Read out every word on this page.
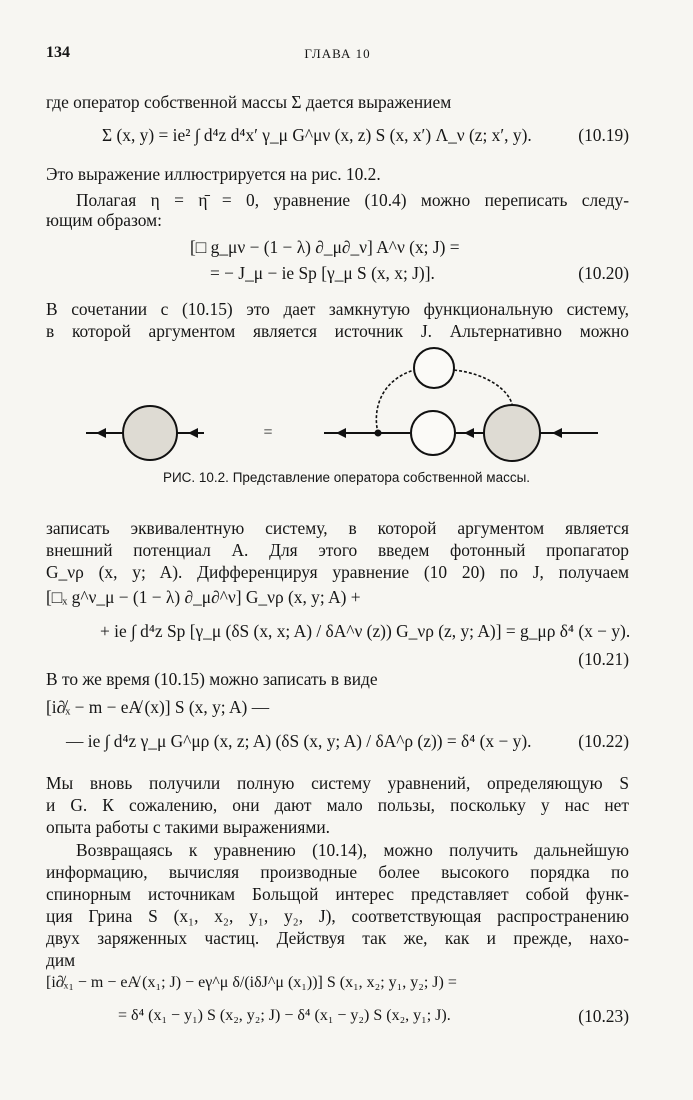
134	ГЛАВА 10
где оператор собственной массы Σ дается выражением
Σ (x, y) = ie² ∫ d⁴z d⁴x′ γ_μ G^μν (x, z) S (x, x′) Λ_ν (z; x′, y).	(10.19)
Это выражение иллюстрируется на рис. 10.2.
Полагая η = η̄ = 0, уравнение (10.4) можно переписать следу-
ющим образом:
[□ g_μν − (1 − λ) ∂_μ∂_ν] A^ν (x; J) =
= − J_μ − ie Sp [γ_μ S (x, x; J)].	(10.20)
В сочетании с (10.15) это дает замкнутую функциональную систему,
в которой аргументом является источник J. Альтернативно можно
=
РИС. 10.2. Представление оператора собственной массы.
записать эквивалентную систему, в которой аргументом является
внешний потенциал A. Для этого введем фотонный пропагатор
G_νρ (x, y; A). Дифференцируя уравнение (10 20) по J, получаем
[□ₓ g^ν_μ − (1 − λ) ∂_μ∂^ν] G_νρ (x, y; A) +
+ ie ∫ d⁴z Sp [γ_μ (δS (x, x; A) / δA^ν (z)) G_νρ (z, y; A)] = g_μρ δ⁴ (x − y).
(10.21)
В то же время (10.15) можно записать в виде
[i∂̸ₓ − m − eA̸ (x)] S (x, y; A) —
— ie ∫ d⁴z γ_μ G^μρ (x, z; A) (δS (x, y; A) / δA^ρ (z)) = δ⁴ (x − y).	(10.22)
Мы вновь получили полную систему уравнений, определяющую S
и G. К сожалению, они дают мало пользы, поскольку у нас нет
опыта работы с такими выражениями.
Возвращаясь к уравнению (10.14), можно получить дальнейшую
информацию, вычисляя производные более высокого порядка по
спинорным источникам Больщой интерес представляет собой функ-
ция Грина S (x₁, x₂, y₁, y₂, J), соответствующая распространению
двух заряженных частиц. Действуя так же, как и прежде, нахо-
дим
[i∂̸ₓ₁ − m − eA̸ (x₁; J) − eγ^μ δ/(iδJ^μ (x₁))] S (x₁, x₂; y₁, y₂; J) =
= δ⁴ (x₁ − y₁) S (x₂, y₂; J) − δ⁴ (x₁ − y₂) S (x₂, y₁; J).	(10.23)
